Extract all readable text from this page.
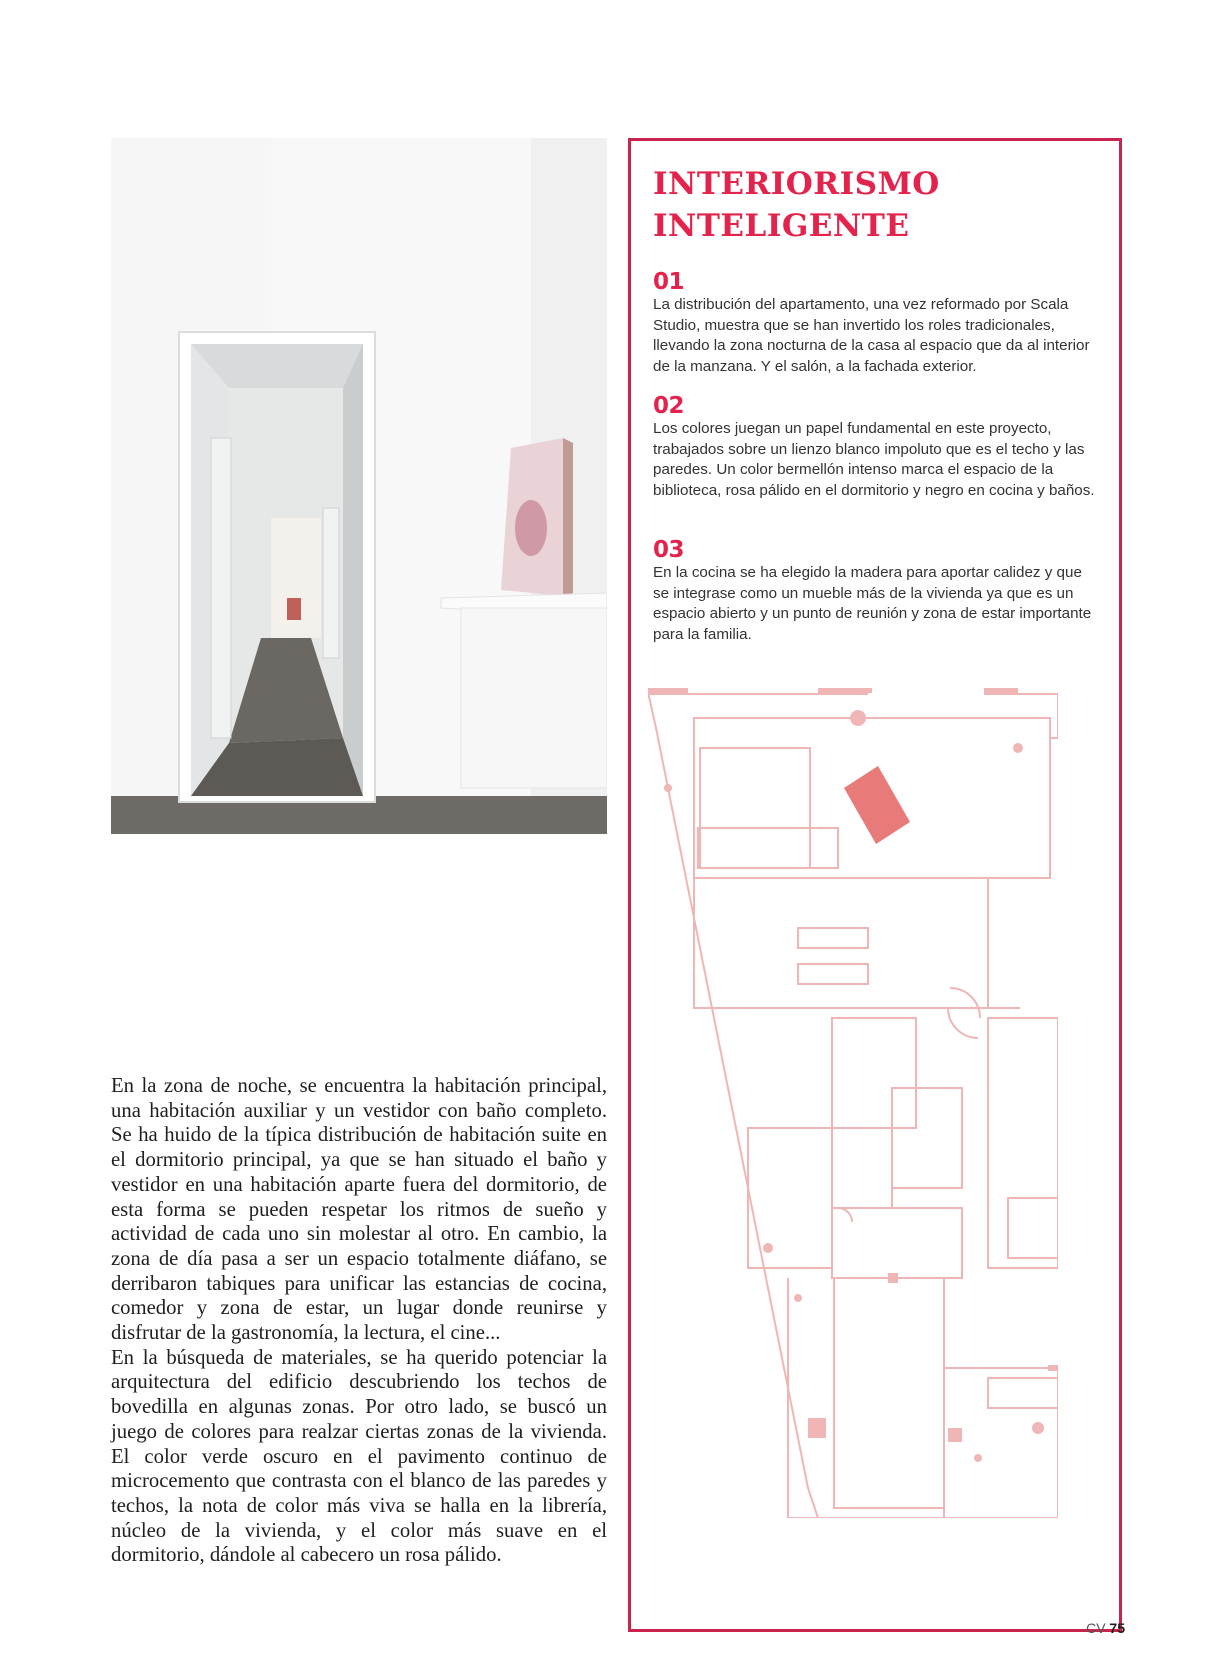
INTERIORISMO
INTELIGENTE
01
La distribución del apartamento, una vez reformado por Scala Studio, muestra que se han invertido los roles tradicionales, llevando la zona nocturna de la casa al espacio que da al interior de la manzana. Y el salón, a la fachada exterior.
02
Los colores juegan un papel fundamental en este proyecto, trabajados sobre un lienzo blanco impoluto que es el techo y las paredes. Un color bermellón intenso marca el espacio de la biblioteca, rosa pálido en el dormitorio y negro en cocina y baños.
03
En la cocina se ha elegido la madera para aportar calidez y que se integrase como un mueble más de la vivienda ya que es un espacio abierto y un punto de reunión y zona de estar importante para la familia.

En la zona de noche, se encuentra la habitación principal, una habitación auxiliar y un vestidor con baño completo. Se ha huido de la típica distribución de habitación suite en el dormitorio principal, ya que se han situado el baño y vestidor en una habitación aparte fuera del dormitorio, de esta forma se pueden respetar los ritmos de sueño y actividad de cada uno sin molestar al otro. En cambio, la zona de día pasa a ser un espacio totalmente diáfano, se derribaron tabiques para unificar las estancias de cocina, comedor y zona de estar, un lugar donde reunirse y disfrutar de la gastronomía, la lectura, el cine...

En la búsqueda de materiales, se ha querido potenciar la arquitectura del edificio descubriendo los techos de bovedilla en algunas zonas. Por otro lado, se buscó un juego de colores para realzar ciertas zonas de la vivienda. El color verde oscuro en el pavimento continuo de microcemento que contrasta con el blanco de las paredes y techos, la nota de color más viva se halla en la librería, núcleo de la vivienda, y el color más suave en el dormitorio, dándole al cabecero un rosa pálido.

CV 75
